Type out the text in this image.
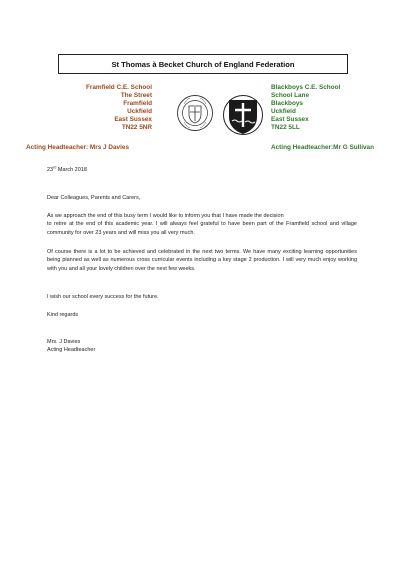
St Thomas à Becket Church of England Federation
Framfield C.E. School
The Street
Framfield
Uckfield
East Sussex
TN22 5NR
Blackboys C.E. School
School Lane
Blackboys
Uckfield
East Sussex
TN22 5LL
Acting Headteacher: Mrs J Davies	Acting Headteacher:Mr G Sullivan
23rd March 2018

Dear Colleagues, Parents and Carers,

As we approach the end of this busy term I would like to inform you that I have made the decision

to retire at the end of this academic year. I will always feel grateful to have been part of the Framfield school and village community for over 23 years and will miss you all very much.

Of course there is a lot to be achieved and celebrated in the next two terms. We have many exciting learning opportunities being planned as well as numerous cross curricular events including a key stage 2 production. I will very much enjoy working with you and all your lovely children over the next few weeks.

I wish our school every success for the future.

Kind regards

Mrs. J Davies

Acting Headteacher
